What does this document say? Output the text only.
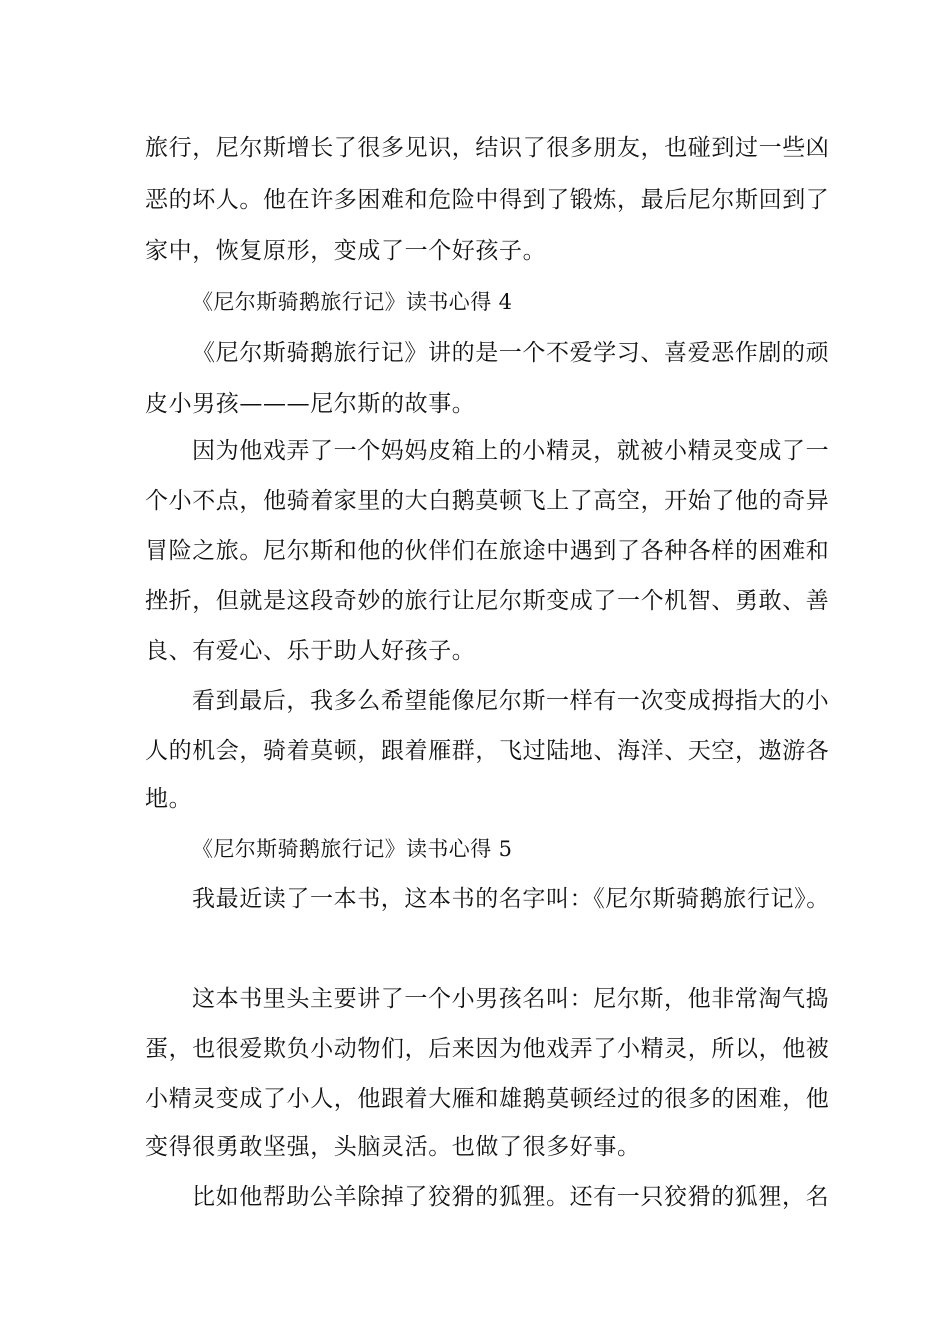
旅行，尼尔斯增长了很多见识，结识了很多朋友，也碰到过一些凶
恶的坏人。他在许多困难和危险中得到了锻炼，最后尼尔斯回到了
家中，恢复原形，变成了一个好孩子。
《尼尔斯骑鹅旅行记》读书心得 4
《尼尔斯骑鹅旅行记》讲的是一个不爱学习、喜爱恶作剧的顽
皮小男孩———尼尔斯的故事。
因为他戏弄了一个妈妈皮箱上的小精灵，就被小精灵变成了一
个小不点，他骑着家里的大白鹅莫顿飞上了高空，开始了他的奇异
冒险之旅。尼尔斯和他的伙伴们在旅途中遇到了各种各样的困难和
挫折，但就是这段奇妙的旅行让尼尔斯变成了一个机智、勇敢、善
良、有爱心、乐于助人好孩子。
看到最后，我多么希望能像尼尔斯一样有一次变成拇指大的小
人的机会，骑着莫顿，跟着雁群，飞过陆地、海洋、天空，遨游各
地。
《尼尔斯骑鹅旅行记》读书心得 5
我最近读了一本书，这本书的名字叫：《尼尔斯骑鹅旅行记》。
这本书里头主要讲了一个小男孩名叫：尼尔斯，他非常淘气捣
蛋，也很爱欺负小动物们，后来因为他戏弄了小精灵，所以，他被
小精灵变成了小人，他跟着大雁和雄鹅莫顿经过的很多的困难，他
变得很勇敢坚强，头脑灵活。也做了很多好事。
比如他帮助公羊除掉了狡猾的狐狸。还有一只狡猾的狐狸，名
